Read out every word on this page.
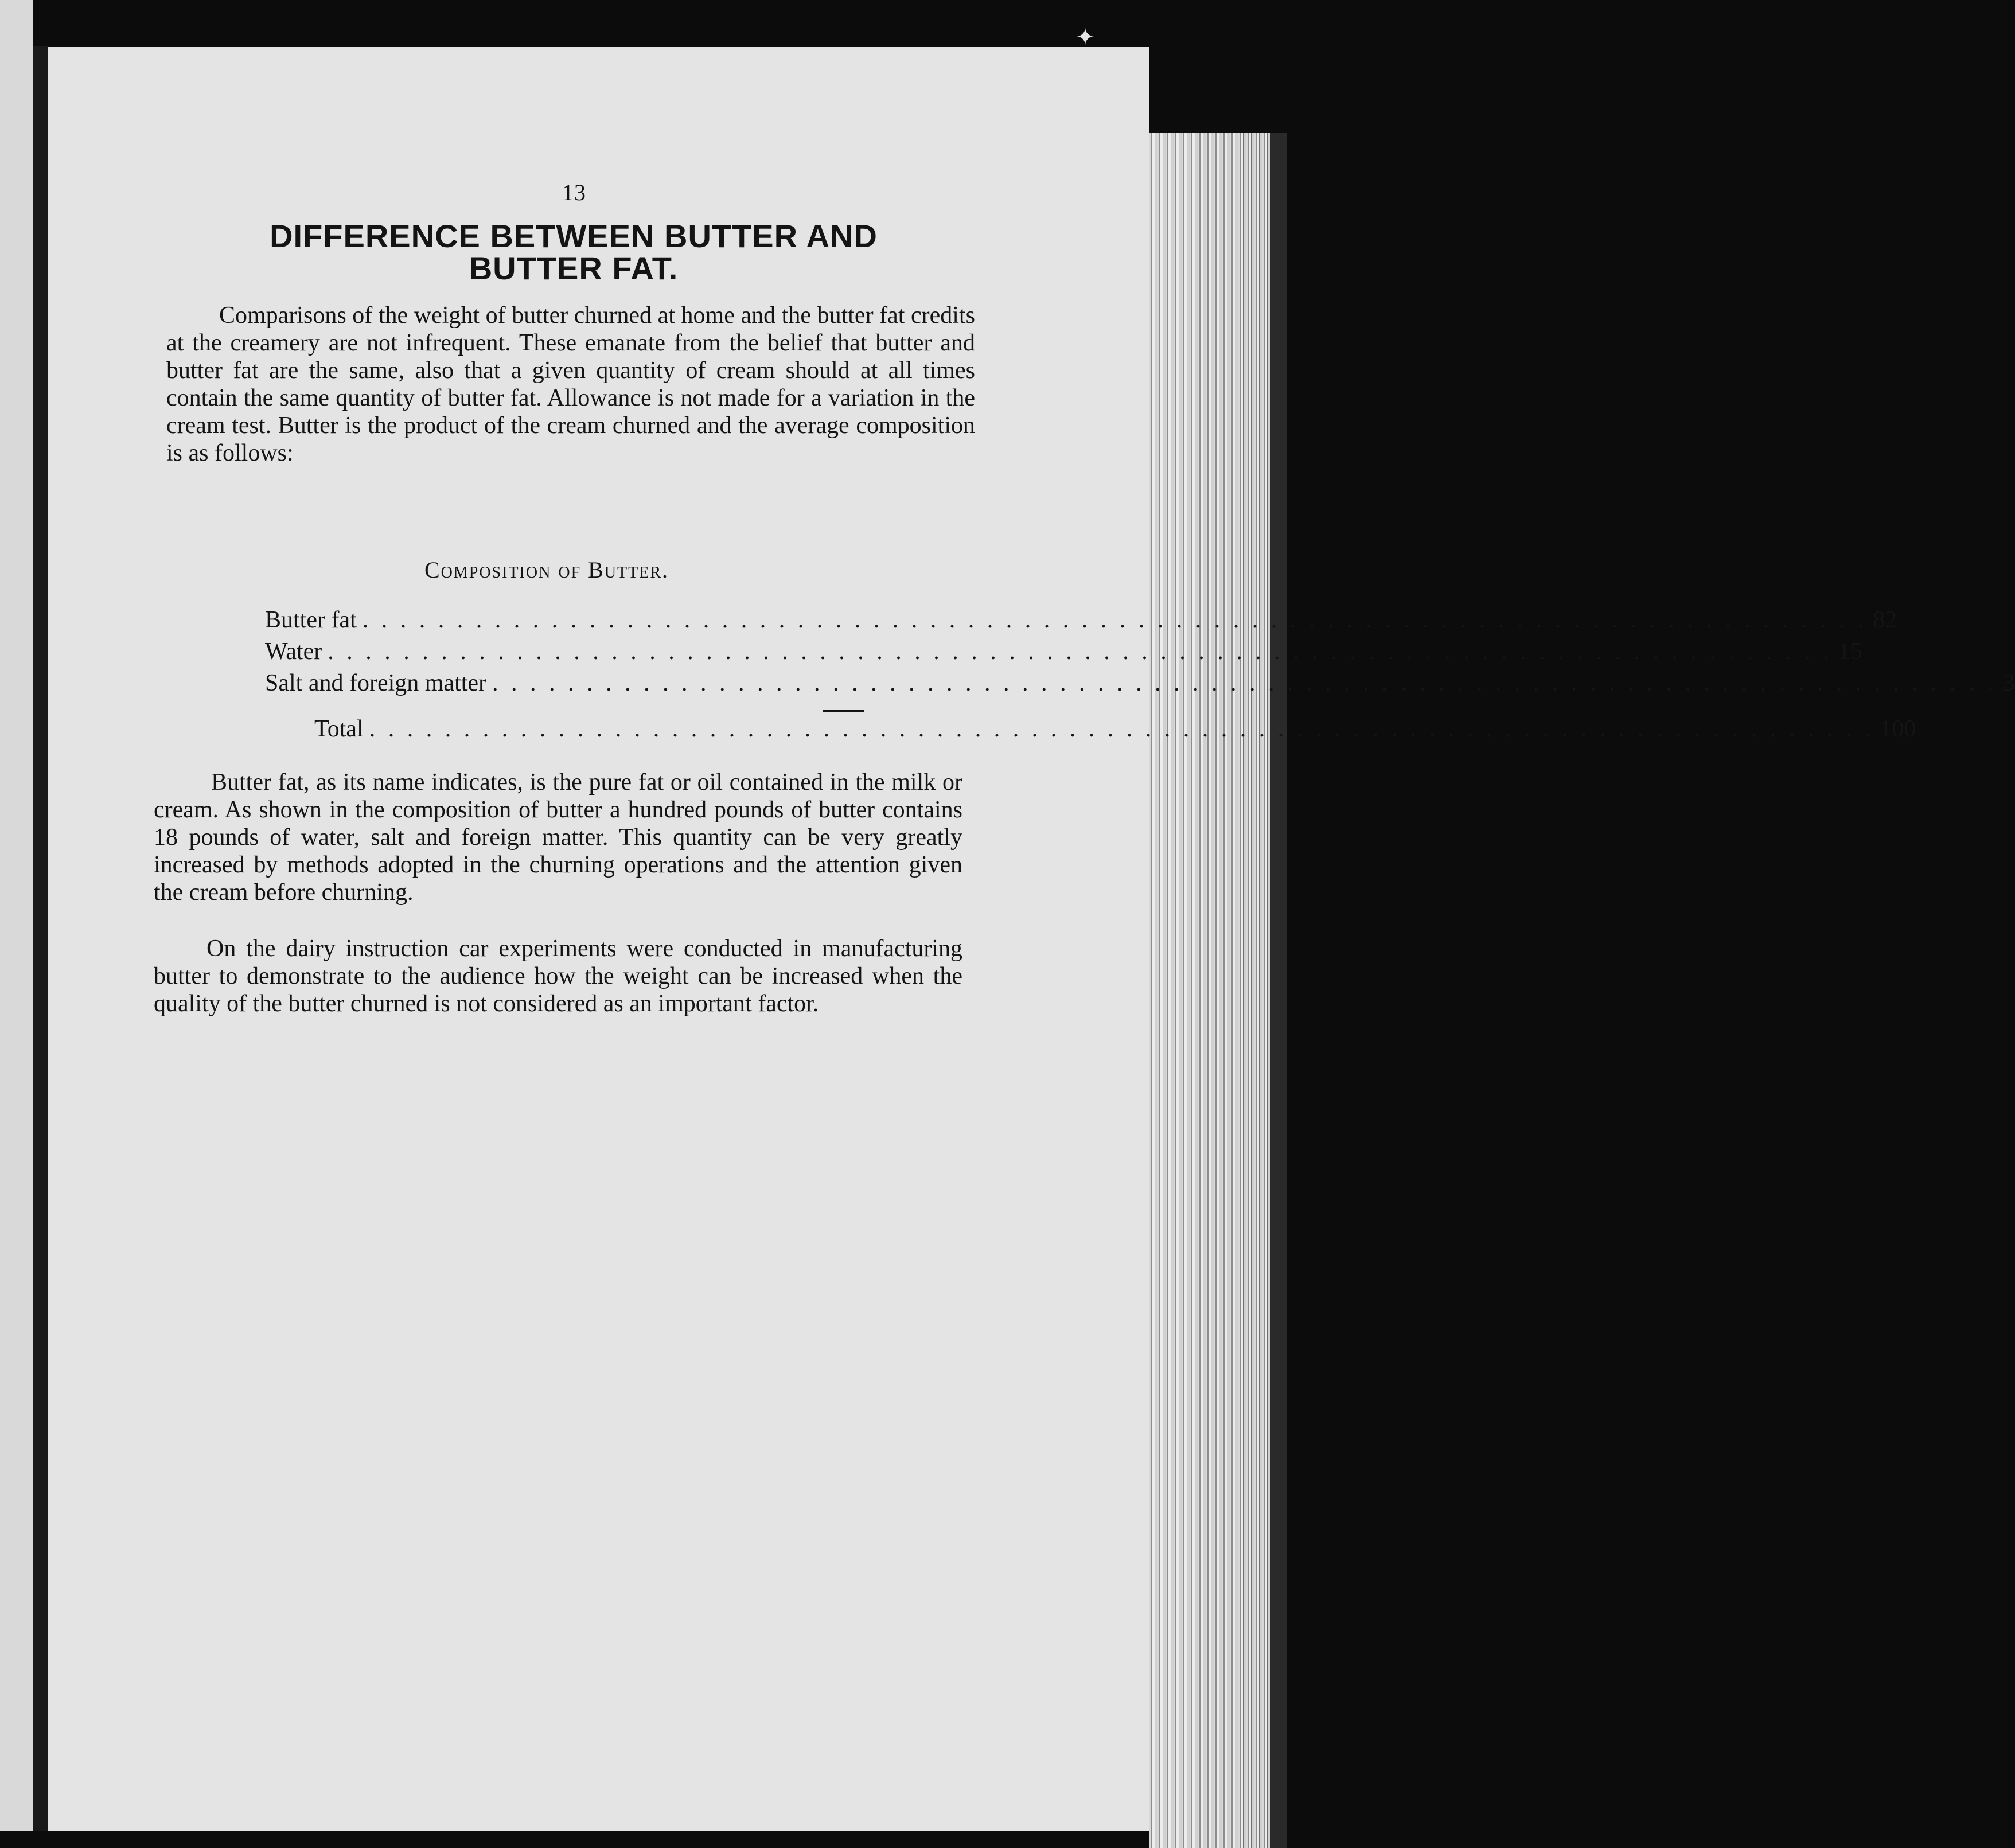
✦
13
DIFFERENCE BETWEEN BUTTER AND
BUTTER FAT.

Comparisons of the weight of butter churned at home and the butter fat credits at the creamery are not infrequent. These emanate from the belief that butter and butter fat are the same, also that a given quantity of cream should at all times contain the same quantity of butter fat. Allowance is not made for a variation in the cream test. Butter is the product of the cream churned and the average composition is as follows:

Composition of Butter.
Butter fat . . . . . . . . . . . . . . . . . . . . . . . . . . . . . . . . . . . . . . . . . . . . . . . . . . . . . . . . . . . . . . . . . . . . . . . . . . . . . . . . 82
Water . . . . . . . . . . . . . . . . . . . . . . . . . . . . . . . . . . . . . . . . . . . . . . . . . . . . . . . . . . . . . . . . . . . . . . . . . . . . . . . . 15
Salt and foreign matter . . . . . . . . . . . . . . . . . . . . . . . . . . . . . . . . . . . . . . . . . . . . . . . . . . . . . . . . . . . . . . . . . . . . . . . . . . . . . . . . 3
Total . . . . . . . . . . . . . . . . . . . . . . . . . . . . . . . . . . . . . . . . . . . . . . . . . . . . . . . . . . . . . . . . . . . . . . . . . . . . . . . . 100

Butter fat, as its name indicates, is the pure fat or oil contained in the milk or cream. As shown in the composition of butter a hundred pounds of butter contains 18 pounds of water, salt and foreign matter. This quantity can be very greatly increased by methods adopted in the churning operations and the attention given the cream before churning.

On the dairy instruction car experiments were conducted in manufacturing butter to demonstrate to the audience how the weight can be increased when the quality of the butter churned is not considered as an important factor.
